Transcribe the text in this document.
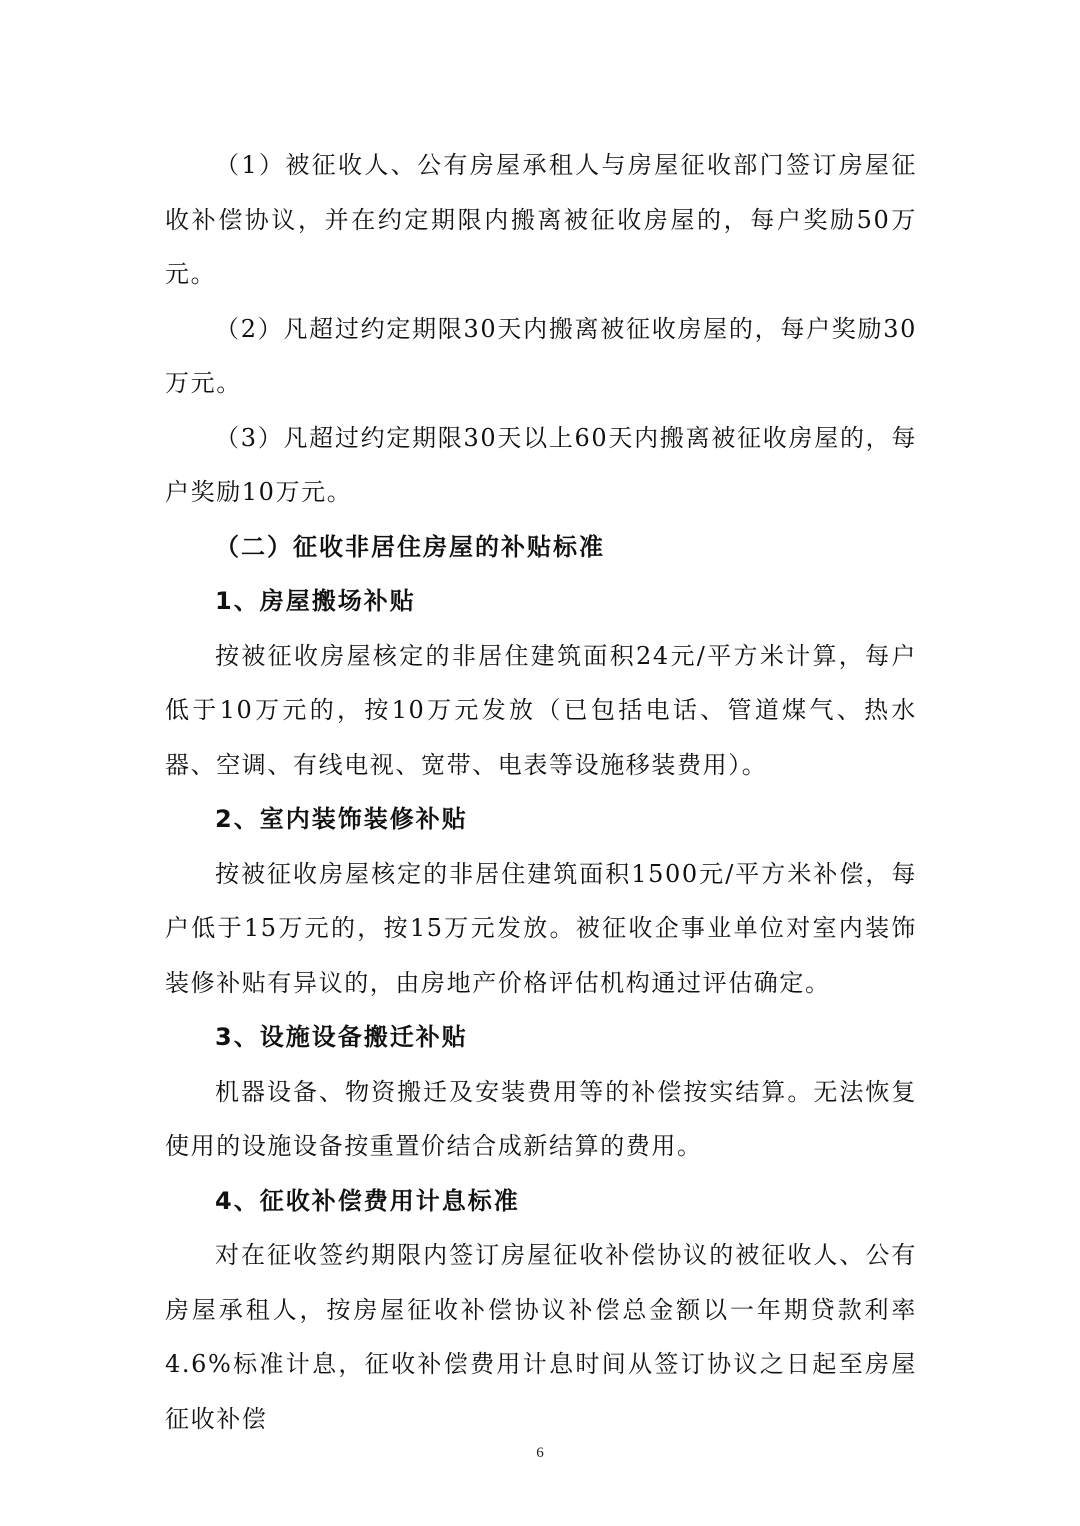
（1）被征收人、公有房屋承租人与房屋征收部门签订房屋征收补偿协议，并在约定期限内搬离被征收房屋的，每户奖励50万元。

（2）凡超过约定期限30天内搬离被征收房屋的，每户奖励30万元。

（3）凡超过约定期限30天以上60天内搬离被征收房屋的，每户奖励10万元。

（二）征收非居住房屋的补贴标准

1、房屋搬场补贴

按被征收房屋核定的非居住建筑面积24元/平方米计算，每户低于10万元的，按10万元发放（已包括电话、管道煤气、热水器、空调、有线电视、宽带、电表等设施移装费用）。

2、室内装饰装修补贴

按被征收房屋核定的非居住建筑面积1500元/平方米补偿，每户低于15万元的，按15万元发放。被征收企事业单位对室内装饰装修补贴有异议的，由房地产价格评估机构通过评估确定。

3、设施设备搬迁补贴

机器设备、物资搬迁及安装费用等的补偿按实结算。无法恢复使用的设施设备按重置价结合成新结算的费用。

4、征收补偿费用计息标准

对在征收签约期限内签订房屋征收补偿协议的被征收人、公有房屋承租人，按房屋征收补偿协议补偿总金额以一年期贷款利率4.6%标准计息，征收补偿费用计息时间从签订协议之日起至房屋征收补偿

6
